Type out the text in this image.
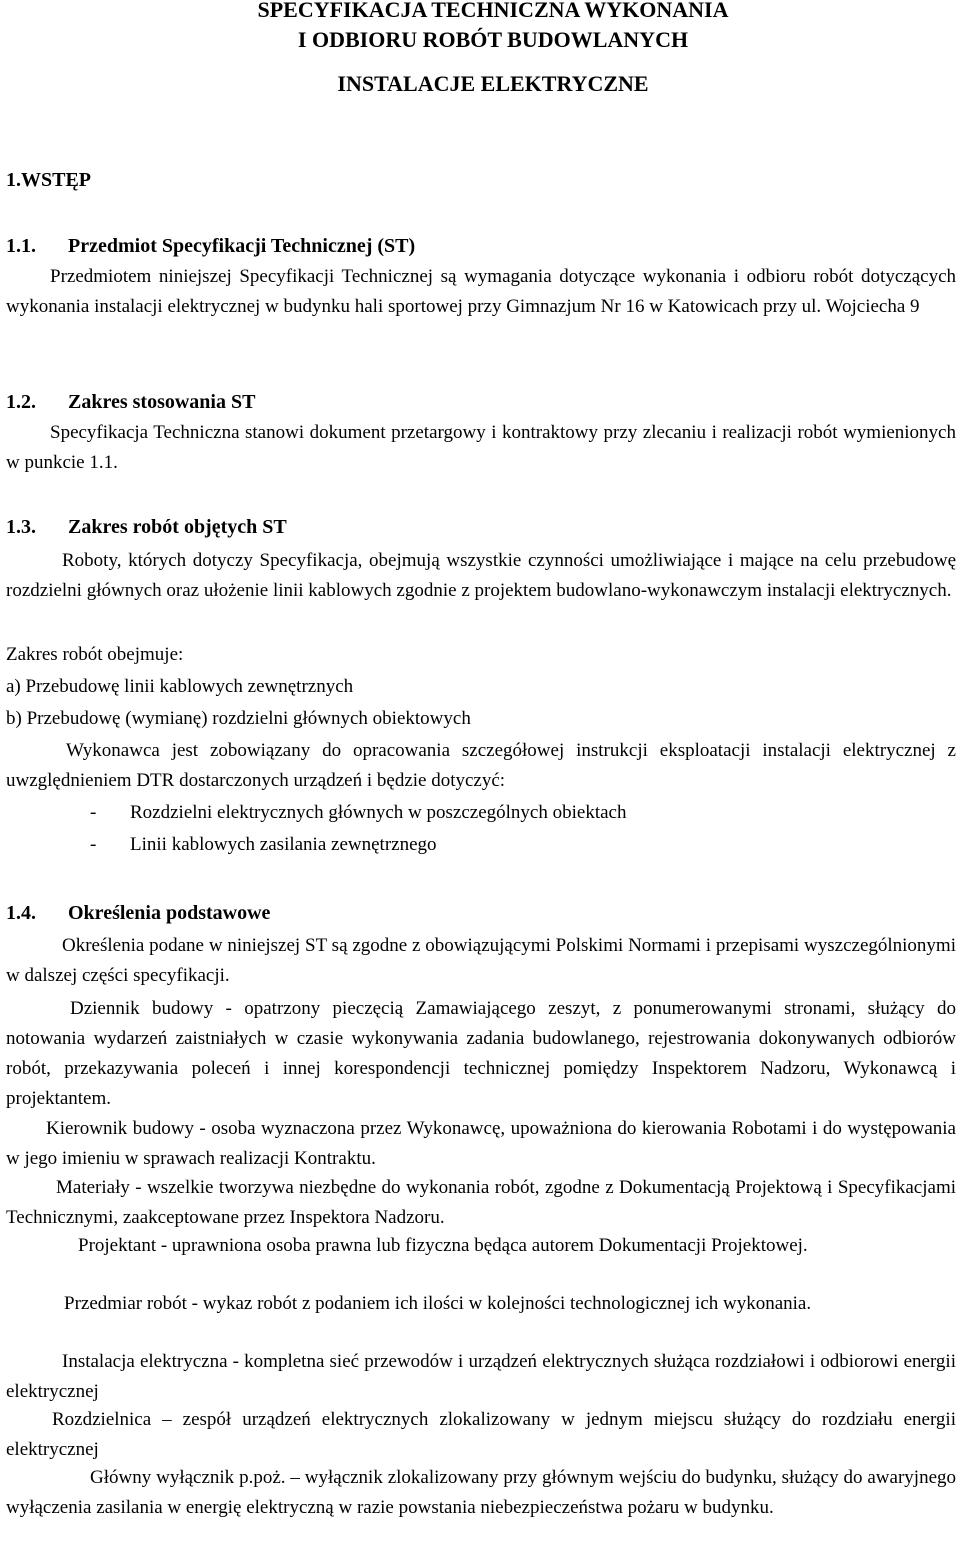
SPECYFIKACJA TECHNICZNA WYKONANIA
I ODBIORU ROBÓT BUDOWLANYCH
INSTALACJE ELEKTRYCZNE
1.WSTĘP
1.1. Przedmiot Specyfikacji Technicznej (ST)
Przedmiotem niniejszej Specyfikacji Technicznej są wymagania dotyczące wykonania i odbioru robót dotyczących wykonania instalacji elektrycznej w budynku hali sportowej przy Gimnazjum Nr 16 w Katowicach przy ul. Wojciecha 9
1.2. Zakres stosowania ST
Specyfikacja Techniczna stanowi dokument przetargowy i kontraktowy przy zlecaniu i realizacji robót wymienionych w punkcie 1.1.
1.3. Zakres robót objętych ST
Roboty, których dotyczy Specyfikacja, obejmują wszystkie czynności umożliwiające i mające na celu przebudowę rozdzielni głównych oraz ułożenie linii kablowych zgodnie z projektem budowlano-wykonawczym instalacji elektrycznych.
Zakres robót obejmuje:
a) Przebudowę linii kablowych zewnętrznych
b) Przebudowę (wymianę) rozdzielni głównych obiektowych
Wykonawca jest zobowiązany do opracowania szczegółowej instrukcji eksploatacji instalacji elektrycznej z uwzględnieniem DTR dostarczonych urządzeń i będzie dotyczyć:
- Rozdzielni elektrycznych głównych w poszczególnych obiektach
- Linii kablowych zasilania zewnętrznego
1.4. Określenia podstawowe
Określenia podane w niniejszej ST są zgodne z obowiązującymi Polskimi Normami i przepisami wyszczególnionymi w dalszej części specyfikacji.
Dziennik budowy - opatrzony pieczęcią Zamawiającego zeszyt, z ponumerowanymi stronami, służący do notowania wydarzeń zaistniałych w czasie wykonywania zadania budowlanego, rejestrowania dokonywanych odbiorów robót, przekazywania poleceń i innej korespondencji technicznej pomiędzy Inspektorem Nadzoru, Wykonawcą i projektantem.
Kierownik budowy - osoba wyznaczona przez Wykonawcę, upoważniona do kierowania Robotami i do występowania w jego imieniu w sprawach realizacji Kontraktu.
Materiały - wszelkie tworzywa niezbędne do wykonania robót, zgodne z Dokumentacją Projektową i Specyfikacjami Technicznymi, zaakceptowane przez Inspektora Nadzoru.
Projektant - uprawniona osoba prawna lub fizyczna będąca autorem Dokumentacji Projektowej.
Przedmiar robót - wykaz robót z podaniem ich ilości w kolejności technologicznej ich wykonania.
Instalacja elektryczna - kompletna sieć przewodów i urządzeń elektrycznych służąca rozdziałowi i odbiorowi energii elektrycznej
Rozdzielnica – zespół urządzeń elektrycznych zlokalizowany w jednym miejscu służący do rozdziału energii elektrycznej
Główny wyłącznik p.poż. – wyłącznik zlokalizowany przy głównym wejściu do budynku, służący do awaryjnego wyłączenia zasilania w energię elektryczną w razie powstania niebezpieczeństwa pożaru w budynku.
